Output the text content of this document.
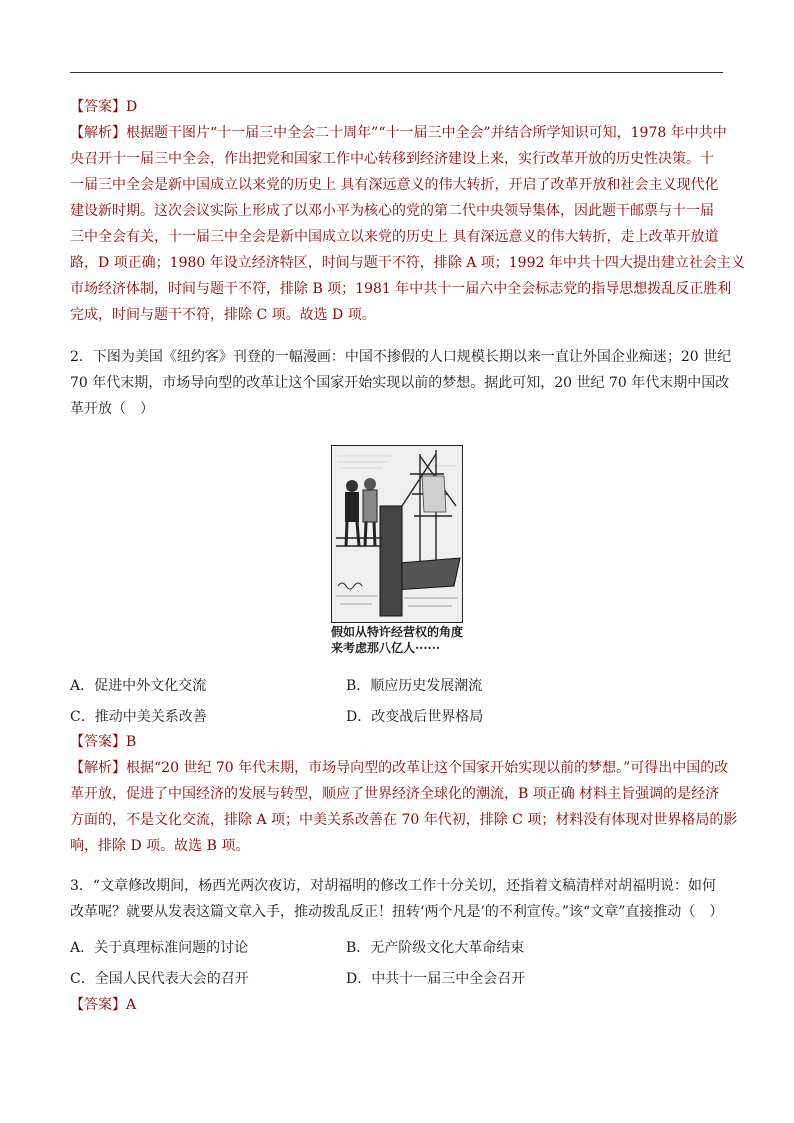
【答案】D
【解析】根据题干图片“十一届三中全会二十周年”“十一届三中全会”并结合所学知识可知，1978 年中共中
央召开十一届三中全会，作出把党和国家工作中心转移到经济建设上来，实行改革开放的历史性决策。十
一届三中全会是新中国成立以来党的历史上 具有深远意义的伟大转折，开启了改革开放和社会主义现代化
建设新时期。这次会议实际上形成了以邓小平为核心的党的第二代中央领导集体，因此题干邮票与十一届
三中全会有关，十一届三中全会是新中国成立以来党的历史上 具有深远意义的伟大转折，走上改革开放道
路，D 项正确；1980 年设立经济特区，时间与题干不符，排除 A 项；1992 年中共十四大提出建立社会主义
市场经济体制，时间与题干不符，排除 B 项；1981 年中共十一届六中全会标志党的指导思想拨乱反正胜利
完成，时间与题干不符，排除 C 项。故选 D 项。
2．下图为美国《纽约客》刊登的一幅漫画：中国不掺假的人口规模长期以来一直让外国企业痴迷；20 世纪
70 年代末期，市场导向型的改革让这个国家开始实现以前的梦想。据此可知，20 世纪 70 年代末期中国改
革开放（　）
假如从特许经营权的角度
来考虑那八亿人······
A．促进中外文化交流	B．顺应历史发展潮流
C．推动中美关系改善	D．改变战后世界格局
【答案】B
【解析】根据“20 世纪 70 年代末期，市场导向型的改革让这个国家开始实现以前的梦想。”可得出中国的改
革开放，促进了中国经济的发展与转型，顺应了世界经济全球化的潮流，B 项正确 材料主旨强调的是经济
方面的，不是文化交流，排除 A 项；中美关系改善在 70 年代初，排除 C 项；材料没有体现对世界格局的影
响，排除 D 项。故选 B 项。
3．“文章修改期间，杨西光两次夜访，对胡福明的修改工作十分关切，还指着文稿清样对胡福明说：如何
改革呢？就要从发表这篇文章入手，推动拨乱反正！扭转‘两个凡是’的不利宣传。”该“文章”直接推动（　）
A．关于真理标准问题的讨论	B．无产阶级文化大革命结束
C．全国人民代表大会的召开	D．中共十一届三中全会召开
【答案】A
